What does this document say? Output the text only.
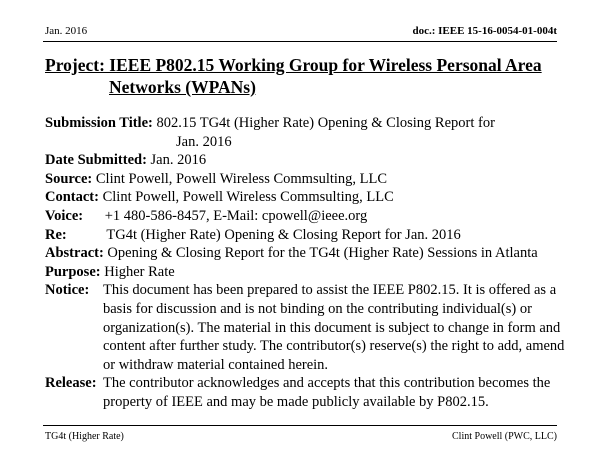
Jan. 2016	doc.: IEEE 15-16-0054-01-004t
Project: IEEE P802.15 Working Group for Wireless Personal Area
Networks (WPANs)
Submission Title: 802.15 TG4t (Higher Rate) Opening & Closing Report for
Jan. 2016
Date Submitted: Jan. 2016
Source: Clint Powell, Powell Wireless Commsulting, LLC
Contact: Clint Powell, Powell Wireless Commsulting, LLC
Voice: +1 480-586-8457, E-Mail: cpowell@ieee.org
Re:	TG4t (Higher Rate) Opening & Closing Report for Jan. 2016
Abstract: Opening & Closing Report for the TG4t (Higher Rate) Sessions in Atlanta
Purpose: Higher Rate
Notice: This document has been prepared to assist the IEEE P802.15. It is offered as a basis for discussion and is not binding on the contributing individual(s) or organization(s). The material in this document is subject to change in form and content after further study. The contributor(s) reserve(s) the right to add, amend or withdraw material contained herein.
Release: The contributor acknowledges and accepts that this contribution becomes the property of IEEE and may be made publicly available by P802.15.
TG4t (Higher Rate)	Clint Powell (PWC, LLC)
